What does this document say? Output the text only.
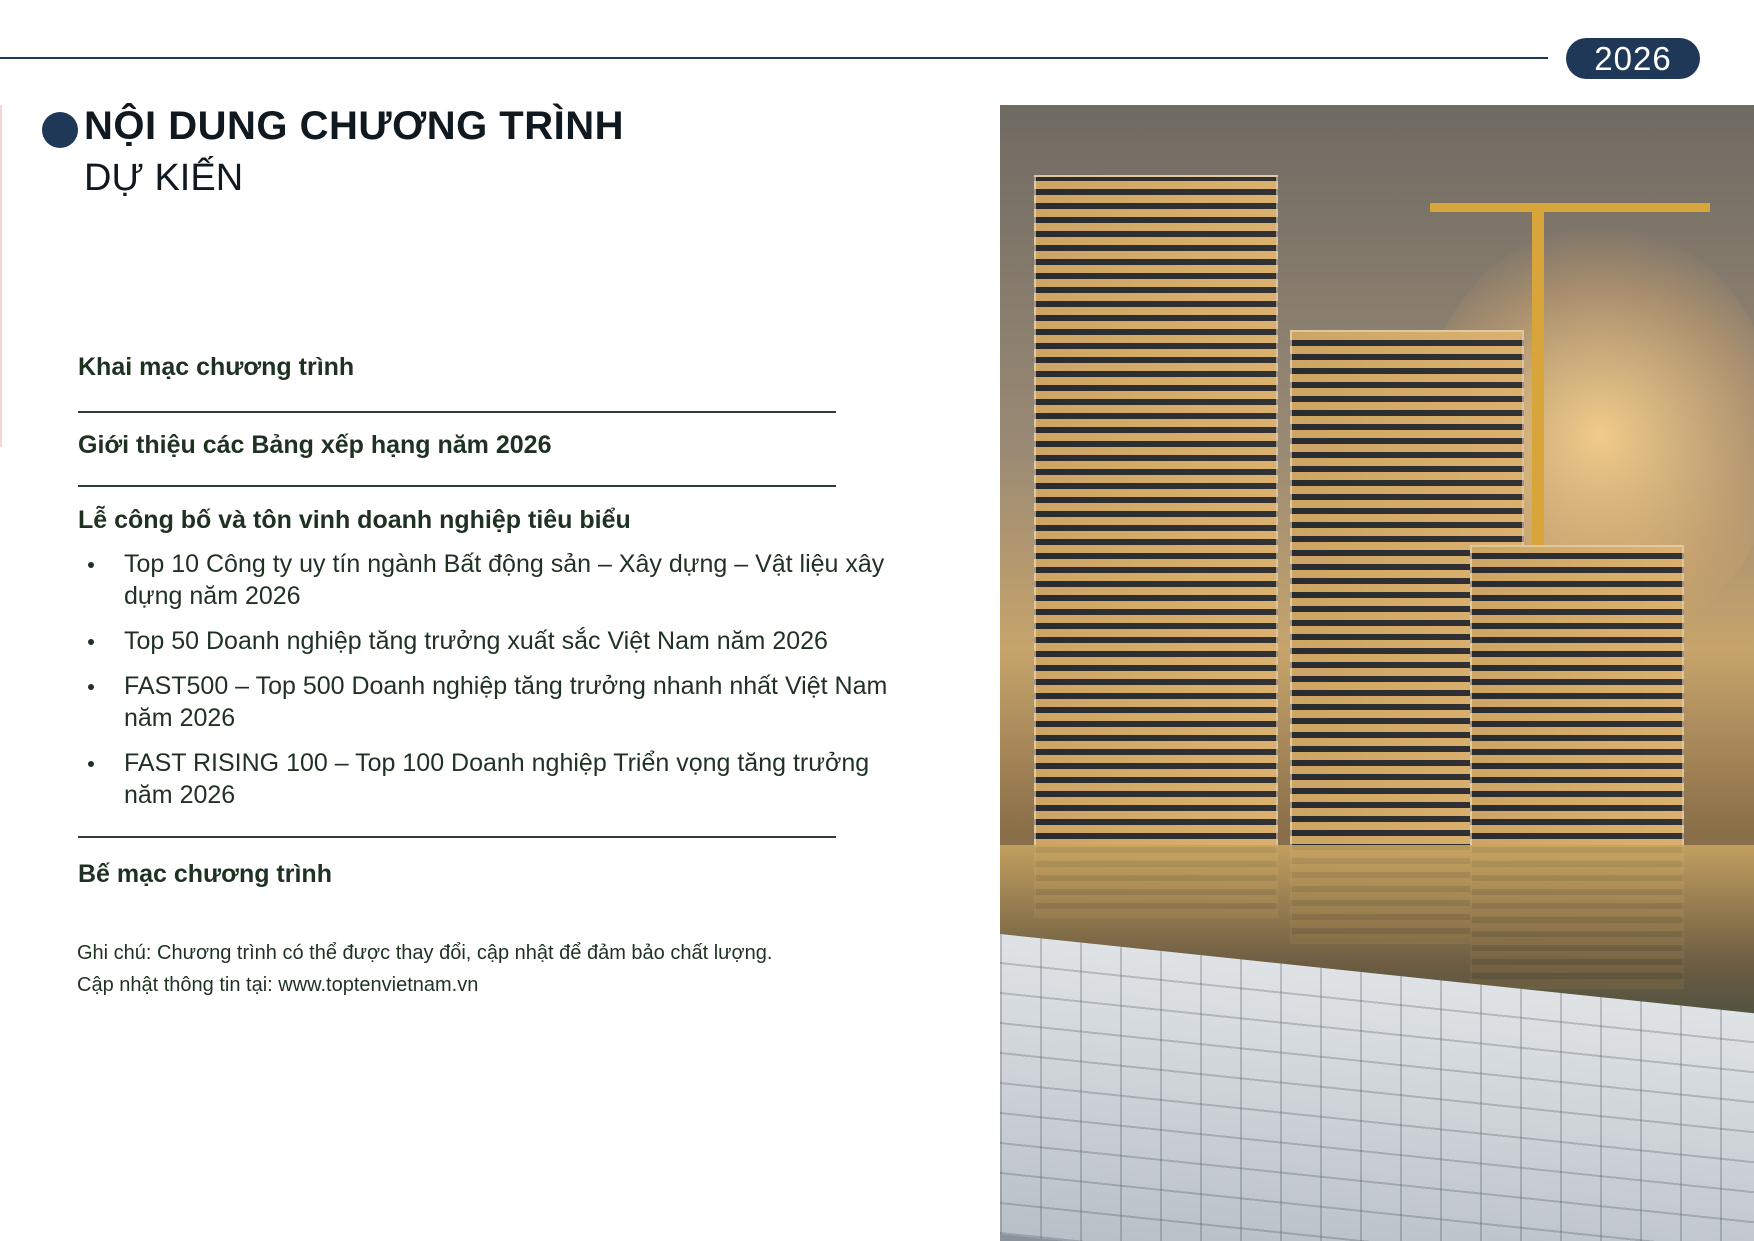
2026
NỘI DUNG CHƯƠNG TRÌNH
DỰ KIẾN
Khai mạc chương trình
Giới thiệu các Bảng xếp hạng năm 2026
Lễ công bố và tôn vinh doanh nghiệp tiêu biểu
Top 10 Công ty uy tín ngành Bất động sản – Xây dựng – Vật liệu xây dựng năm 2026
Top 50 Doanh nghiệp tăng trưởng xuất sắc Việt Nam năm 2026
FAST500 – Top 500 Doanh nghiệp tăng trưởng nhanh nhất Việt Nam năm 2026
FAST RISING 100 – Top 100 Doanh nghiệp Triển vọng tăng trưởng năm 2026
Bế mạc chương trình
Ghi chú: Chương trình có thể được thay đổi, cập nhật để đảm bảo chất lượng.
Cập nhật thông tin tại: www.toptenvietnam.vn
